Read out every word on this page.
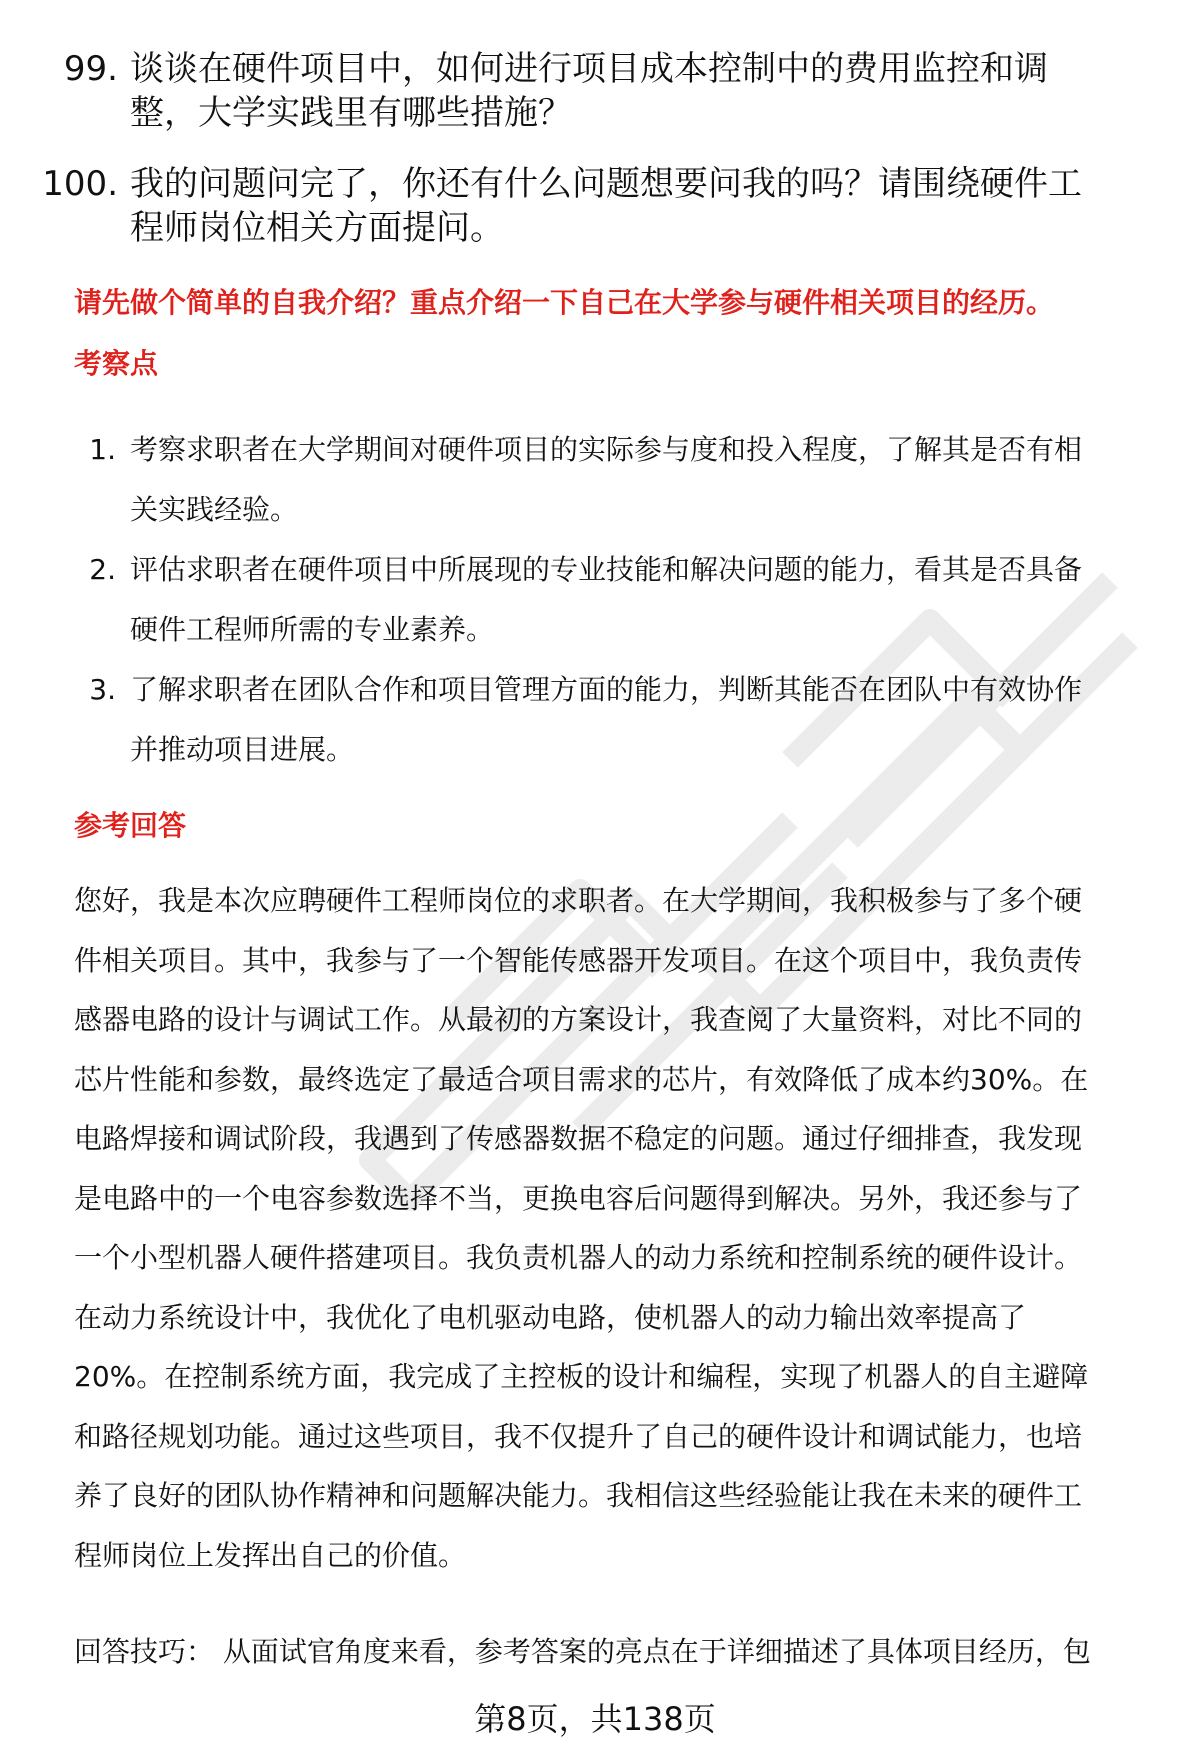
99. 谈谈在硬件项目中，如何进行项目成本控制中的费用监控和调
整，大学实践里有哪些措施？
100. 我的问题问完了，你还有什么问题想要问我的吗？请围绕硬件工
程师岗位相关方面提问。
请先做个简单的自我介绍？重点介绍一下自己在大学参与硬件相关项目的经历。
考察点
1. 考察求职者在大学期间对硬件项目的实际参与度和投入程度，了解其是否有相
关实践经验。
2. 评估求职者在硬件项目中所展现的专业技能和解决问题的能力，看其是否具备
硬件工程师所需的专业素养。
3. 了解求职者在团队合作和项目管理方面的能力，判断其能否在团队中有效协作
并推动项目进展。
参考回答
您好，我是本次应聘硬件工程师岗位的求职者。在大学期间，我积极参与了多个硬
件相关项目。其中，我参与了一个智能传感器开发项目。在这个项目中，我负责传
感器电路的设计与调试工作。从最初的方案设计，我查阅了大量资料，对比不同的
芯片性能和参数，最终选定了最适合项目需求的芯片，有效降低了成本约30%。在
电路焊接和调试阶段，我遇到了传感器数据不稳定的问题。通过仔细排查，我发现
是电路中的一个电容参数选择不当，更换电容后问题得到解决。另外，我还参与了
一个小型机器人硬件搭建项目。我负责机器人的动力系统和控制系统的硬件设计。
在动力系统设计中，我优化了电机驱动电路，使机器人的动力输出效率提高了
20%。在控制系统方面，我完成了主控板的设计和编程，实现了机器人的自主避障
和路径规划功能。通过这些项目，我不仅提升了自己的硬件设计和调试能力，也培
养了良好的团队协作精神和问题解决能力。我相信这些经验能让我在未来的硬件工
程师岗位上发挥出自己的价值。
回答技巧： 从面试官角度来看，参考答案的亮点在于详细描述了具体项目经历，包
第8页，共138页
